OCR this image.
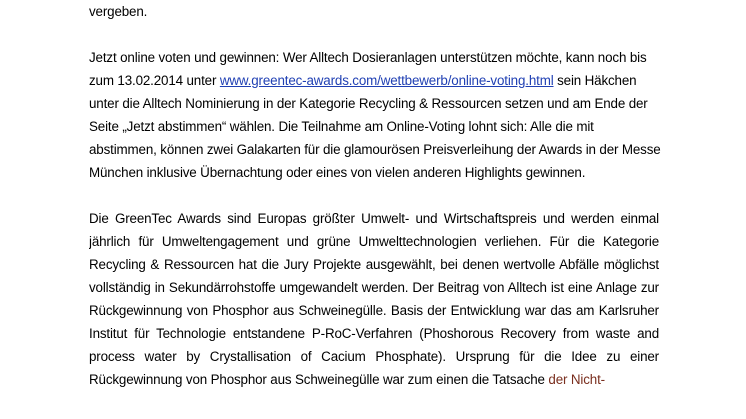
vergeben.
Jetzt online voten und gewinnen: Wer Alltech Dosieranlagen unterstützen möchte, kann noch bis
zum 13.02.2014 unter www.greentec-awards.com/wettbewerb/online-voting.html sein Häkchen
unter die Alltech Nominierung in der Kategorie Recycling & Ressourcen setzen und am Ende der
Seite „Jetzt abstimmen“ wählen. Die Teilnahme am Online-Voting lohnt sich: Alle die mit
abstimmen, können zwei Galakarten für die glamourösen Preisverleihung der Awards in der Messe
München inklusive Übernachtung oder eines von vielen anderen Highlights gewinnen.
Die GreenTec Awards sind Europas größter Umwelt- und Wirtschaftspreis und werden einmal
jährlich für Umweltengagement und grüne Umwelttechnologien verliehen. Für die Kategorie
Recycling & Ressourcen hat die Jury Projekte ausgewählt, bei denen wertvolle Abfälle möglichst
vollständig in Sekundärrohstoffe umgewandelt werden. Der Beitrag von Alltech ist eine Anlage zur
Rückgewinnung von Phosphor aus Schweinegülle. Basis der Entwicklung war das am Karlsruher
Institut für Technologie entstandene P-RoC-Verfahren (Phoshorous Recovery from waste and
process water by Crystallisation of Cacium Phosphate). Ursprung für die Idee zu einer
Rückgewinnung von Phosphor aus Schweinegülle war zum einen die Tatsache der Nicht-
